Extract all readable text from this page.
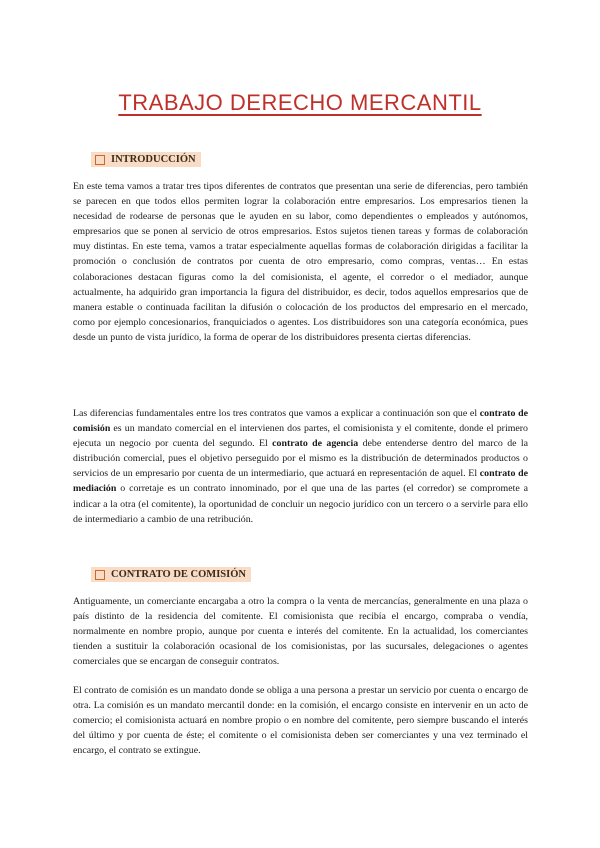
TRABAJO DERECHO MERCANTIL
INTRODUCCIÓN

En este tema vamos a tratar tres tipos diferentes de contratos que presentan una serie de diferencias, pero también se parecen en que todos ellos permiten lograr la colaboración entre empresarios. Los empresarios tienen la necesidad de rodearse de personas que le ayuden en su labor, como dependientes o empleados y autónomos, empresarios que se ponen al servicio de otros empresarios. Estos sujetos tienen tareas y formas de colaboración muy distintas. En este tema, vamos a tratar especialmente aquellas formas de colaboración dirigidas a facilitar la promoción o conclusión de contratos por cuenta de otro empresario, como compras, ventas… En estas colaboraciones destacan figuras como la del comisionista, el agente, el corredor o el mediador, aunque actualmente, ha adquirido gran importancia la figura del distribuidor, es decir, todos aquellos empresarios que de manera estable o continuada facilitan la difusión o colocación de los productos del empresario en el mercado, como por ejemplo concesionarios, franquiciados o agentes. Los distribuidores son una categoría económica, pues desde un punto de vista jurídico, la forma de operar de los distribuidores presenta ciertas diferencias.

Las diferencias fundamentales entre los tres contratos que vamos a explicar a continuación son que el contrato de comisión es un mandato comercial en el intervienen dos partes, el comisionista y el comitente, donde el primero ejecuta un negocio por cuenta del segundo. El contrato de agencia debe entenderse dentro del marco de la distribución comercial, pues el objetivo perseguido por el mismo es la distribución de determinados productos o servicios de un empresario por cuenta de un intermediario, que actuará en representación de aquel. El contrato de mediación o corretaje es un contrato innominado, por el que una de las partes (el corredor) se compromete a indicar a la otra (el comitente), la oportunidad de concluir un negocio jurídico con un tercero o a servirle para ello de intermediario a cambio de una retribución.

CONTRATO DE COMISIÓN

Antiguamente, un comerciante encargaba a otro la compra o la venta de mercancías, generalmente en una plaza o país distinto de la residencia del comitente. El comisionista que recibía el encargo, compraba o vendía, normalmente en nombre propio, aunque por cuenta e interés del comitente. En la actualidad, los comerciantes tienden a sustituir la colaboración ocasional de los comisionistas, por las sucursales, delegaciones o agentes comerciales que se encargan de conseguir contratos.

El contrato de comisión es un mandato donde se obliga a una persona a prestar un servicio por cuenta o encargo de otra. La comisión es un mandato mercantil donde: en la comisión, el encargo consiste en intervenir en un acto de comercio; el comisionista actuará en nombre propio o en nombre del comitente, pero siempre buscando el interés del último y por cuenta de éste; el comitente o el comisionista deben ser comerciantes y una vez terminado el encargo, el contrato se extingue.
